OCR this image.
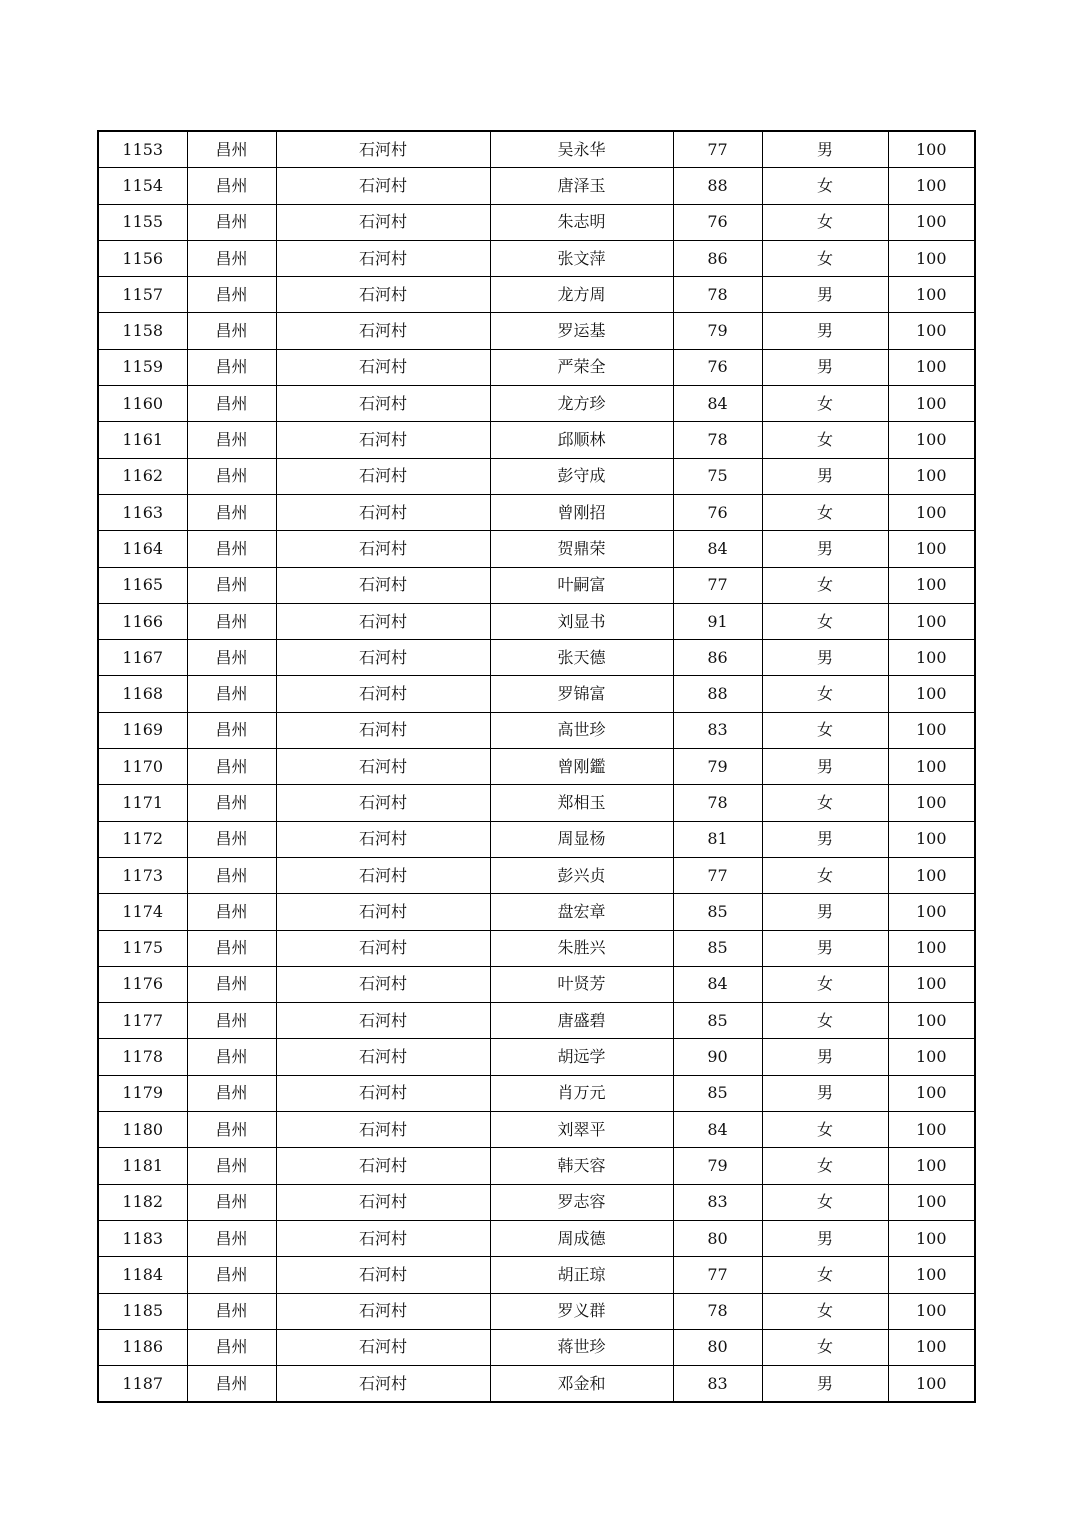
1153	昌州	石河村	吴永华	77	男	100
1154	昌州	石河村	唐泽玉	88	女	100
1155	昌州	石河村	朱志明	76	女	100
1156	昌州	石河村	张文萍	86	女	100
1157	昌州	石河村	龙方周	78	男	100
1158	昌州	石河村	罗运基	79	男	100
1159	昌州	石河村	严荣全	76	男	100
1160	昌州	石河村	龙方珍	84	女	100
1161	昌州	石河村	邱顺林	78	女	100
1162	昌州	石河村	彭守成	75	男	100
1163	昌州	石河村	曾刚招	76	女	100
1164	昌州	石河村	贺鼎荣	84	男	100
1165	昌州	石河村	叶嗣富	77	女	100
1166	昌州	石河村	刘显书	91	女	100
1167	昌州	石河村	张天德	86	男	100
1168	昌州	石河村	罗锦富	88	女	100
1169	昌州	石河村	高世珍	83	女	100
1170	昌州	石河村	曾刚鑑	79	男	100
1171	昌州	石河村	郑相玉	78	女	100
1172	昌州	石河村	周显杨	81	男	100
1173	昌州	石河村	彭兴贞	77	女	100
1174	昌州	石河村	盘宏章	85	男	100
1175	昌州	石河村	朱胜兴	85	男	100
1176	昌州	石河村	叶贤芳	84	女	100
1177	昌州	石河村	唐盛碧	85	女	100
1178	昌州	石河村	胡远学	90	男	100
1179	昌州	石河村	肖万元	85	男	100
1180	昌州	石河村	刘翠平	84	女	100
1181	昌州	石河村	韩天容	79	女	100
1182	昌州	石河村	罗志容	83	女	100
1183	昌州	石河村	周成德	80	男	100
1184	昌州	石河村	胡正琼	77	女	100
1185	昌州	石河村	罗义群	78	女	100
1186	昌州	石河村	蒋世珍	80	女	100
1187	昌州	石河村	邓金和	83	男	100
